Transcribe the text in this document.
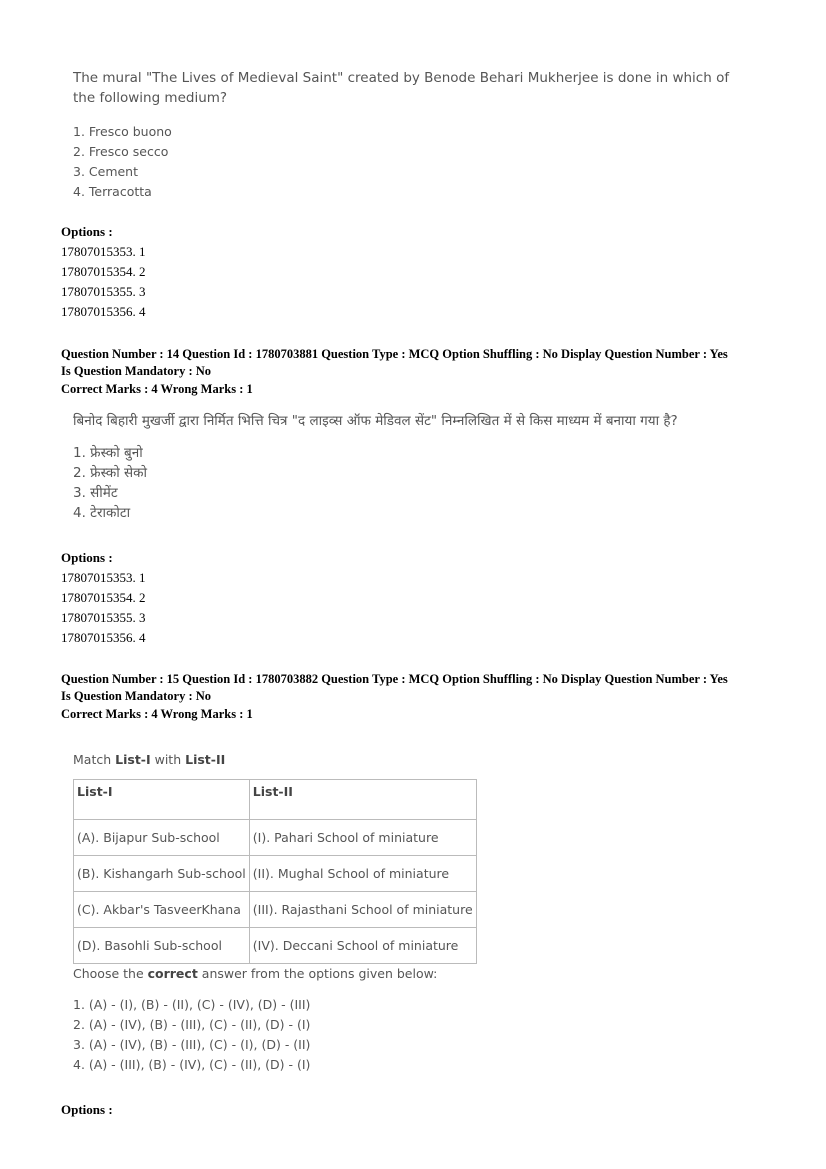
The mural "The Lives of Medieval Saint" created by Benode Behari Mukherjee is done in which of the following medium?
1. Fresco buono
2. Fresco secco
3. Cement
4. Terracotta
Options :
17807015353. 1
17807015354. 2
17807015355. 3
17807015356. 4
Question Number : 14 Question Id : 1780703881 Question Type : MCQ Option Shuffling : No Display Question Number : Yes
Is Question Mandatory : No
Correct Marks : 4 Wrong Marks : 1
बिनोद बिहारी मुखर्जी द्वारा निर्मित भित्ति चित्र "द लाइव्स ऑफ मेडिवल सेंट" निम्नलिखित में से किस माध्यम में बनाया गया है?
1. फ्रेस्को बुनो
2. फ्रेस्को सेको
3. सीमेंट
4. टेराकोटा
Options :
17807015353. 1
17807015354. 2
17807015355. 3
17807015356. 4
Question Number : 15 Question Id : 1780703882 Question Type : MCQ Option Shuffling : No Display Question Number : Yes
Is Question Mandatory : No
Correct Marks : 4 Wrong Marks : 1
Match List-I with List-II
List-I	List-II
(A). Bijapur Sub-school	(I). Pahari School of miniature
(B). Kishangarh Sub-school	(II). Mughal School of miniature
(C). Akbar's TasveerKhana	(III). Rajasthani School of miniature
(D). Basohli Sub-school	(IV). Deccani School of miniature
Choose the correct answer from the options given below:
1. (A) - (I), (B) - (II), (C) - (IV), (D) - (III)
2. (A) - (IV), (B) - (III), (C) - (II), (D) - (I)
3. (A) - (IV), (B) - (III), (C) - (I), (D) - (II)
4. (A) - (III), (B) - (IV), (C) - (II), (D) - (I)
Options :
